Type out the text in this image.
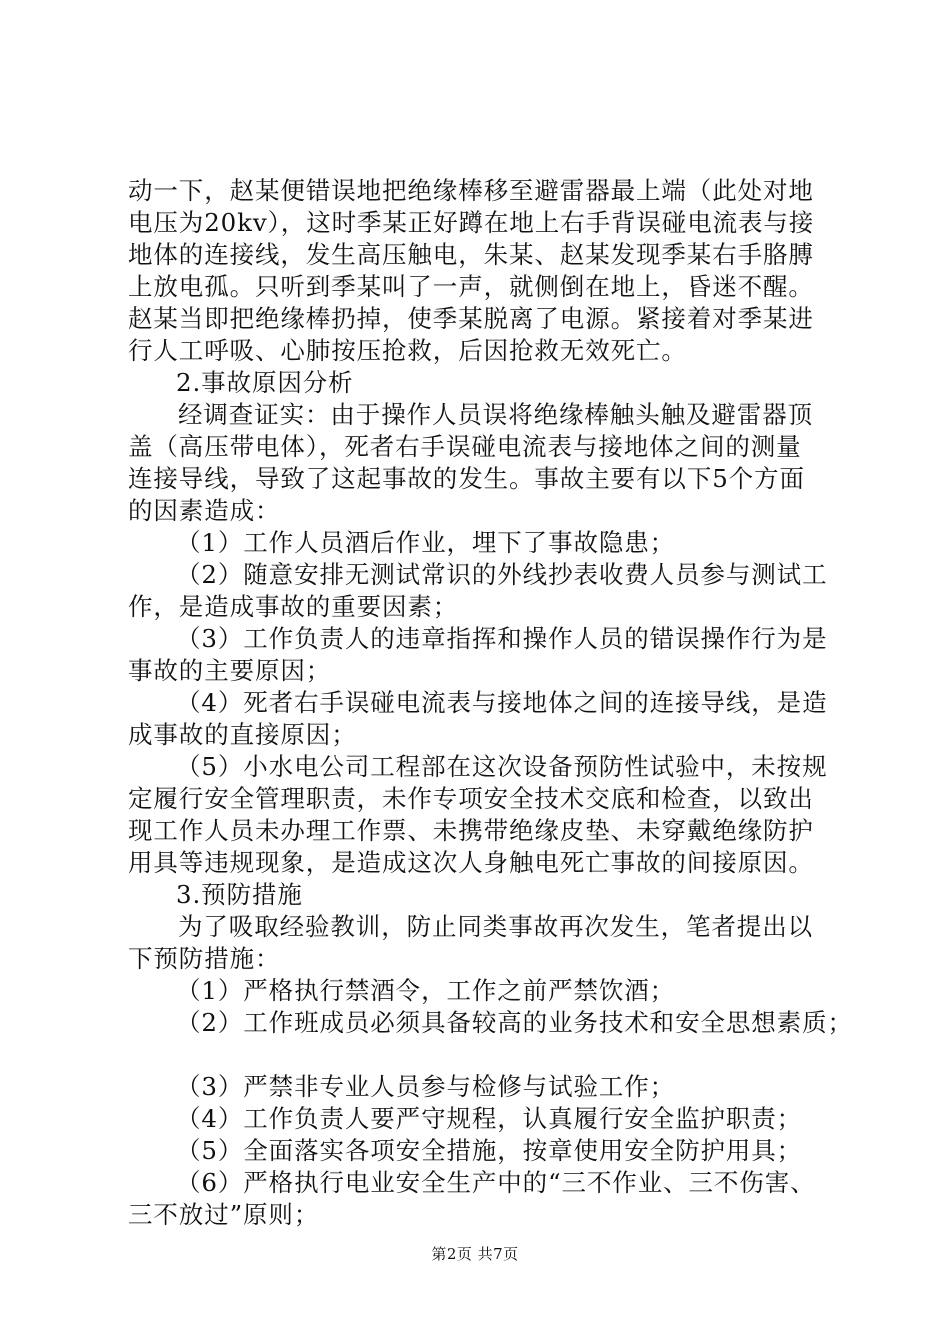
动一下，赵某便错误地把绝缘棒移至避雷器最上端（此处对地
电压为20kv），这时季某正好蹲在地上右手背误碰电流表与接
地体的连接线，发生高压触电，朱某、赵某发现季某右手胳膊
上放电孤。只听到季某叫了一声，就侧倒在地上，昏迷不醒。
赵某当即把绝缘棒扔掉，使季某脱离了电源。紧接着对季某进
行人工呼吸、心肺按压抢救，后因抢救无效死亡。
2.事故原因分析
经调查证实：由于操作人员误将绝缘棒触头触及避雷器顶
盖（高压带电体），死者右手误碰电流表与接地体之间的测量
连接导线，导致了这起事故的发生。事故主要有以下5个方面
的因素造成：
（1）工作人员酒后作业，埋下了事故隐患；
（2）随意安排无测试常识的外线抄表收费人员参与测试工
作，是造成事故的重要因素；
（3）工作负责人的违章指挥和操作人员的错误操作行为是
事故的主要原因；
（4）死者右手误碰电流表与接地体之间的连接导线，是造
成事故的直接原因；
（5）小水电公司工程部在这次设备预防性试验中，未按规
定履行安全管理职责，未作专项安全技术交底和检查，以致出
现工作人员未办理工作票、未携带绝缘皮垫、未穿戴绝缘防护
用具等违规现象，是造成这次人身触电死亡事故的间接原因。
3.预防措施
为了吸取经验教训，防止同类事故再次发生，笔者提出以
下预防措施：
（1）严格执行禁酒令，工作之前严禁饮酒；
（2）工作班成员必须具备较高的业务技术和安全思想素质；
（3）严禁非专业人员参与检修与试验工作；
（4）工作负责人要严守规程，认真履行安全监护职责；
（5）全面落实各项安全措施，按章使用安全防护用具；
（6）严格执行电业安全生产中的“三不作业、三不伤害、
三不放过”原则；
第2页 共7页
